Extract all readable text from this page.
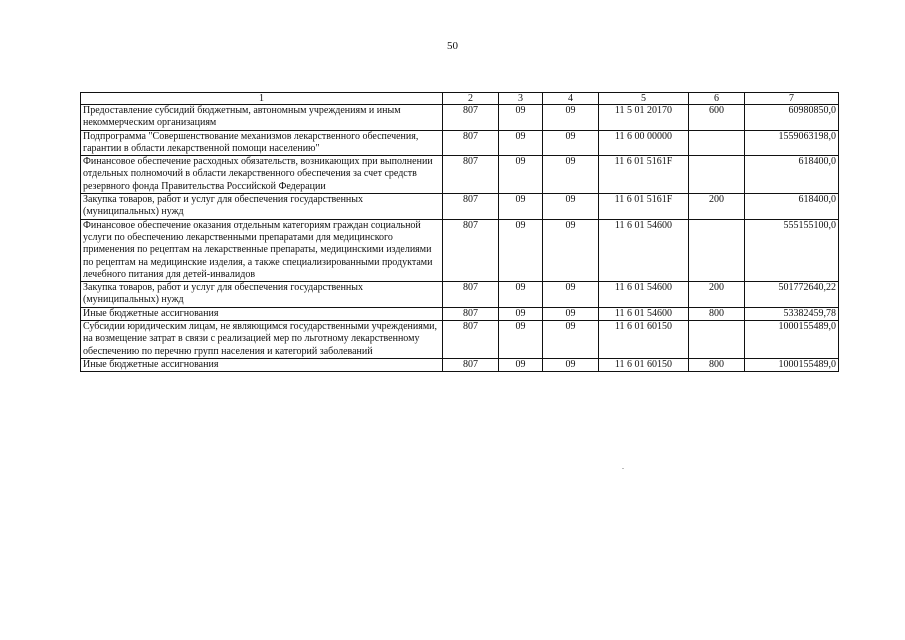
50
1	2	3	4	5	6	7
Предоставление субсидий бюджетным, автономным учреждениям и иным некоммерческим организациям	807	09	09	11 5 01 20170	600	60980850,0
Подпрограмма "Совершенствование механизмов лекарственного обеспечения, гарантии в области лекарственной помощи населению"	807	09	09	11 6 00 00000		1559063198,0
Финансовое обеспечение расходных обязательств, возникающих при выполнении отдельных полномочий в области лекарственного обеспечения за счет средств резервного фонда Правительства Российской Федерации	807	09	09	11 6 01 5161F		618400,0
Закупка товаров, работ и услуг для обеспечения государственных (муниципальных) нужд	807	09	09	11 6 01 5161F	200	618400,0
Финансовое обеспечение оказания отдельным категориям граждан социальной услуги по обеспечению лекарственными препаратами для медицинского применения по рецептам на лекарственные препараты, медицинскими изделиями по рецептам на медицинские изделия, а также специализированными продуктами лечебного питания для детей-инвалидов	807	09	09	11 6 01 54600		555155100,0
Закупка товаров, работ и услуг для обеспечения государственных (муниципальных) нужд	807	09	09	11 6 01 54600	200	501772640,22
Иные бюджетные ассигнования	807	09	09	11 6 01 54600	800	53382459,78
Субсидии юридическим лицам, не являющимся государственными учреждениями, на возмещение затрат в связи с реализацией мер по льготному лекарственному обеспечению по перечню групп населения и категорий заболеваний	807	09	09	11 6 01 60150		1000155489,0
Иные бюджетные ассигнования	807	09	09	11 6 01 60150	800	1000155489,0
